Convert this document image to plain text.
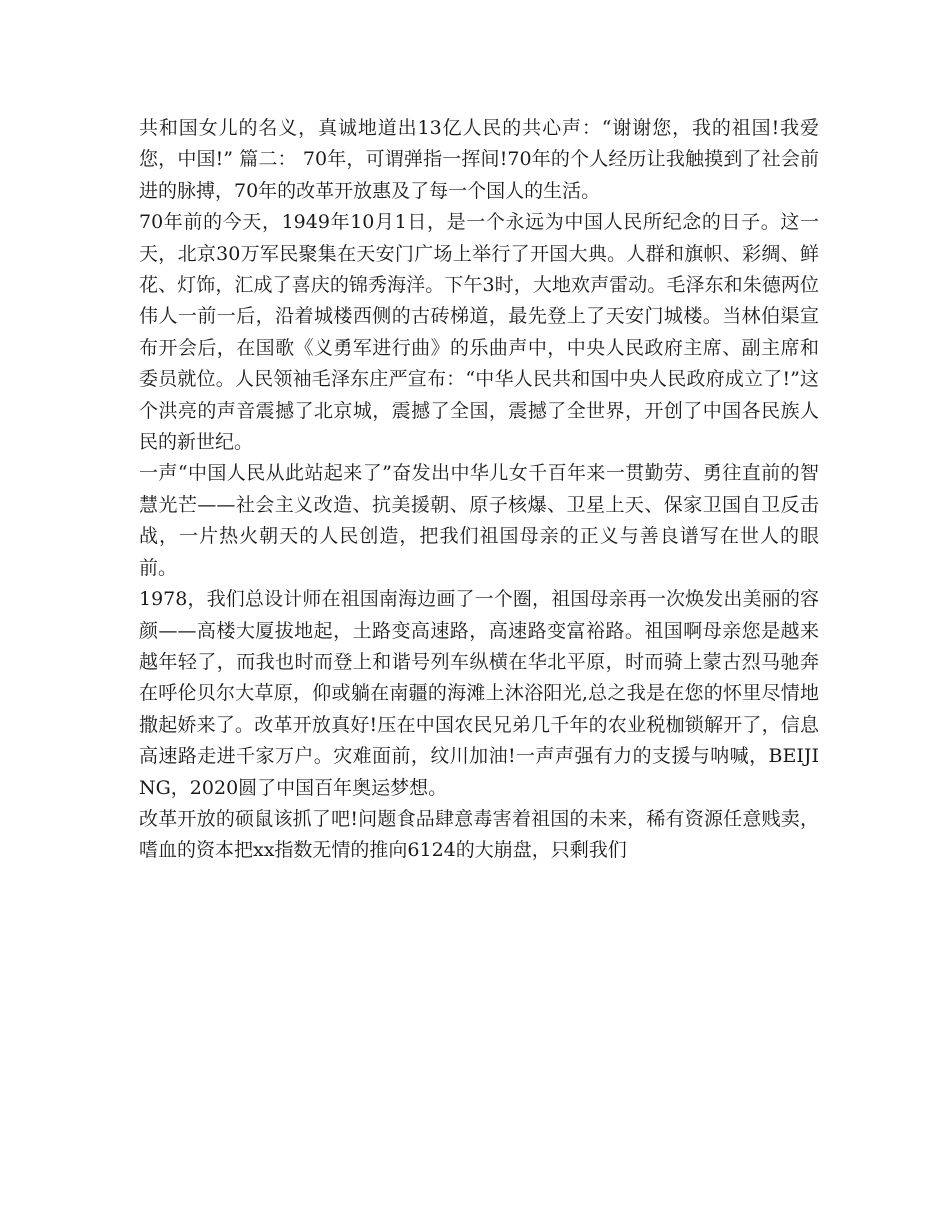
共和国女儿的名义，真诚地道出13亿人民的共心声：“谢谢您，我的祖国!我爱您，中国!” 篇二： 70年，可谓弹指一挥间!70年的个人经历让我触摸到了社会前进的脉搏，70年的改革开放惠及了每一个国人的生活。

70年前的今天，1949年10月1日，是一个永远为中国人民所纪念的日子。这一天，北京30万军民聚集在天安门广场上举行了开国大典。人群和旗帜、彩绸、鲜花、灯饰，汇成了喜庆的锦秀海洋。下午3时，大地欢声雷动。毛泽东和朱德两位伟人一前一后，沿着城楼西侧的古砖梯道，最先登上了天安门城楼。当林伯渠宣布开会后，在国歌《义勇军进行曲》的乐曲声中，中央人民政府主席、副主席和委员就位。人民领袖毛泽东庄严宣布：“中华人民共和国中央人民政府成立了!”这个洪亮的声音震撼了北京城，震撼了全国，震撼了全世界，开创了中国各民族人民的新世纪。

一声“中国人民从此站起来了”奋发出中华儿女千百年来一贯勤劳、勇往直前的智慧光芒——社会主义改造、抗美援朝、原子核爆、卫星上天、保家卫国自卫反击战，一片热火朝天的人民创造，把我们祖国母亲的正义与善良谱写在世人的眼前。

1978，我们总设计师在祖国南海边画了一个圈，祖国母亲再一次焕发出美丽的容颜——高楼大厦拔地起，土路变高速路，高速路变富裕路。祖国啊母亲您是越来越年轻了，而我也时而登上和谐号列车纵横在华北平原，时而骑上蒙古烈马驰奔在呼伦贝尔大草原，仰或躺在南疆的海滩上沐浴阳光,总之我是在您的怀里尽情地撒起娇来了。改革开放真好!压在中国农民兄弟几千年的农业税枷锁解开了，信息高速路走进千家万户。灾难面前，纹川加油!一声声强有力的支援与呐喊，BEIJING，2020圆了中国百年奥运梦想。

改革开放的硕鼠该抓了吧!问题食品肆意毒害着祖国的未来，稀有资源任意贱卖，嗜血的资本把xx指数无情的推向6124的大崩盘，只剩我们
